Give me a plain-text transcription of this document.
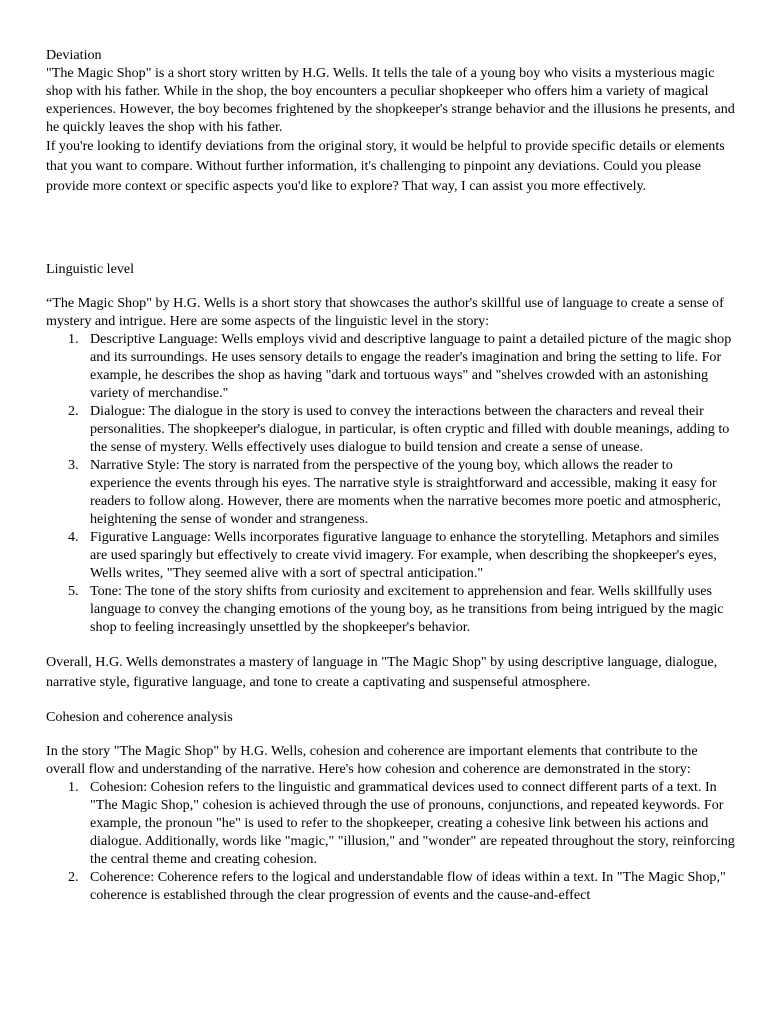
Deviation

"The Magic Shop" is a short story written by H.G. Wells. It tells the tale of a young boy who visits a mysterious magic shop with his father. While in the shop, the boy encounters a peculiar shopkeeper who offers him a variety of magical experiences. However, the boy becomes frightened by the shopkeeper's strange behavior and the illusions he presents, and he quickly leaves the shop with his father.

If you're looking to identify deviations from the original story, it would be helpful to provide specific details or elements that you want to compare. Without further information, it's challenging to pinpoint any deviations. Could you please provide more context or specific aspects you'd like to explore? That way, I can assist you more effectively.

Linguistic level

“The Magic Shop" by H.G. Wells is a short story that showcases the author's skillful use of language to create a sense of mystery and intrigue. Here are some aspects of the linguistic level in the story:

1. Descriptive Language: Wells employs vivid and descriptive language to paint a detailed picture of the magic shop and its surroundings. He uses sensory details to engage the reader's imagination and bring the setting to life. For example, he describes the shop as having "dark and tortuous ways" and "shelves crowded with an astonishing variety of merchandise."
2. Dialogue: The dialogue in the story is used to convey the interactions between the characters and reveal their personalities. The shopkeeper's dialogue, in particular, is often cryptic and filled with double meanings, adding to the sense of mystery. Wells effectively uses dialogue to build tension and create a sense of unease.
3. Narrative Style: The story is narrated from the perspective of the young boy, which allows the reader to experience the events through his eyes. The narrative style is straightforward and accessible, making it easy for readers to follow along. However, there are moments when the narrative becomes more poetic and atmospheric, heightening the sense of wonder and strangeness.
4. Figurative Language: Wells incorporates figurative language to enhance the storytelling. Metaphors and similes are used sparingly but effectively to create vivid imagery. For example, when describing the shopkeeper's eyes, Wells writes, "They seemed alive with a sort of spectral anticipation."
5. Tone: The tone of the story shifts from curiosity and excitement to apprehension and fear. Wells skillfully uses language to convey the changing emotions of the young boy, as he transitions from being intrigued by the magic shop to feeling increasingly unsettled by the shopkeeper's behavior.

Overall, H.G. Wells demonstrates a mastery of language in "The Magic Shop" by using descriptive language, dialogue, narrative style, figurative language, and tone to create a captivating and suspenseful atmosphere.

Cohesion and coherence analysis

In the story "The Magic Shop" by H.G. Wells, cohesion and coherence are important elements that contribute to the overall flow and understanding of the narrative. Here's how cohesion and coherence are demonstrated in the story:

1. Cohesion: Cohesion refers to the linguistic and grammatical devices used to connect different parts of a text. In "The Magic Shop," cohesion is achieved through the use of pronouns, conjunctions, and repeated keywords. For example, the pronoun "he" is used to refer to the shopkeeper, creating a cohesive link between his actions and dialogue. Additionally, words like "magic," "illusion," and "wonder" are repeated throughout the story, reinforcing the central theme and creating cohesion.
2. Coherence: Coherence refers to the logical and understandable flow of ideas within a text. In "The Magic Shop," coherence is established through the clear progression of events and the cause-and-effect
